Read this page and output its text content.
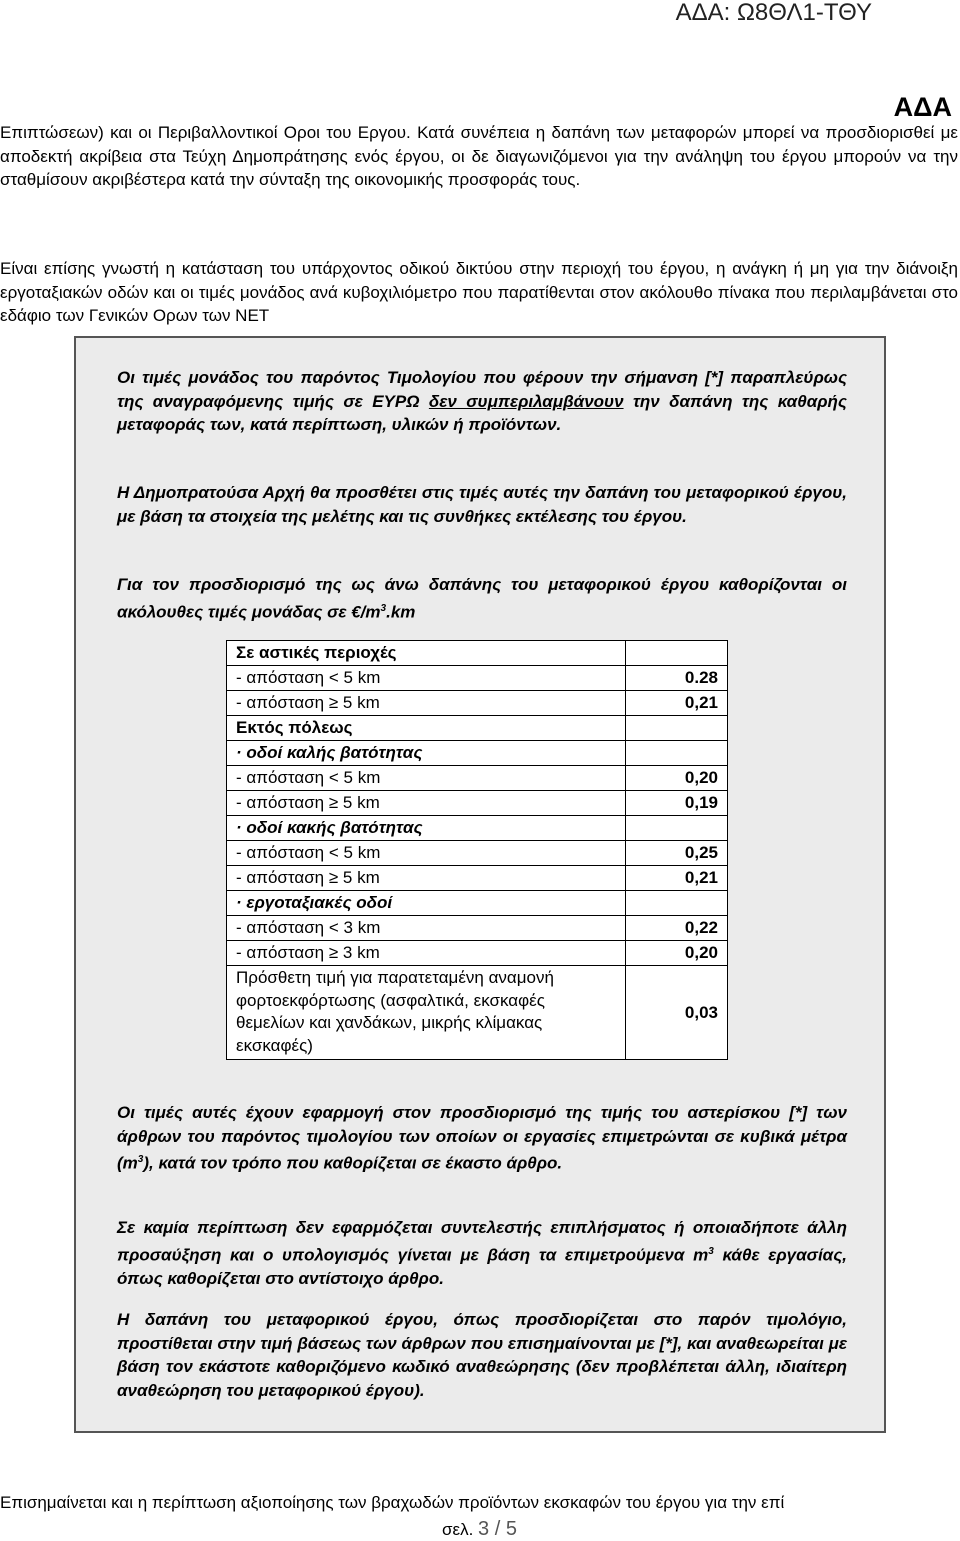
ΑΔΑ: Ω8ΘΛ1-ΤΘΥ
ΑΔΑ

Επιπτώσεων) και οι Περιβαλλοντικοί Οροι του Εργου. Κατά συνέπεια η δαπάνη των μεταφορών μπορεί να προσδιορισθεί με αποδεκτή ακρίβεια στα Τεύχη Δημοπράτησης ενός έργου, οι δε διαγωνιζόμενοι για την ανάληψη του έργου μπορούν να την σταθμίσουν ακριβέστερα κατά την σύνταξη της οικονομικής προσφοράς τους.

Είναι επίσης γνωστή η κατάσταση του υπάρχοντος οδικού δικτύου στην περιοχή του έργου, η ανάγκη ή μη για την διάνοιξη εργοταξιακών οδών και οι τιμές μονάδος ανά κυβοχιλιόμετρο που παρατίθενται στον ακόλουθο πίνακα που περιλαμβάνεται στο εδάφιο των Γενικών Ορων των ΝΕΤ

Οι τιμές μονάδος του παρόντος Τιμολογίου που φέρουν την σήμανση [*] παραπλεύρως της αναγραφόμενης τιμής σε ΕΥΡΩ δεν συμπεριλαμβάνουν την δαπάνη της καθαρής μεταφοράς των, κατά περίπτωση, υλικών ή προϊόντων.

Η Δημοπρατούσα Αρχή θα προσθέτει στις τιμές αυτές την δαπάνη του μεταφορικού έργου, με βάση τα στοιχεία της μελέτης και τις συνθήκες εκτέλεσης του έργου.

Για τον προσδιορισμό της ως άνω δαπάνης του μεταφορικού έργου καθορίζονται οι ακόλουθες τιμές μονάδας σε $€/m^3.km$

Σε αστικές περιοχές	
- απόσταση < 5 km	0.28
- απόσταση ≥ 5 km	0,21
Εκτός πόλεως	
· οδοί καλής βατότητας	
- απόσταση < 5 km	0,20
- απόσταση ≥ 5 km	0,19
· οδοί κακής βατότητας	
- απόσταση < 5 km	0,25
- απόσταση ≥ 5 km	0,21
· εργοταξιακές οδοί	
- απόσταση < 3 km	0,22
- απόσταση ≥ 3 km	0,20
Πρόσθετη τιμή για παρατεταμένη αναμονή φορτοεκφόρτωσης (ασφαλτικά, εκσκαφές θεμελίων και χανδάκων, μικρής κλίμακας εκσκαφές)	0,03

Οι τιμές αυτές έχουν εφαρμογή στον προσδιορισμό της τιμής του αστερίσκου [*] των άρθρων του παρόντος τιμολογίου των οποίων οι εργασίες επιμετρώνται σε κυβικά μέτρα $(m^3)$, κατά τον τρόπο που καθορίζεται σε έκαστο άρθρο.

Σε καμία περίπτωση δεν εφαρμόζεται συντελεστής επιπλήσματος ή οποιαδήποτε άλλη προσαύξηση και ο υπολογισμός γίνεται με βάση τα επιμετρούμενα $m^3$ κάθε εργασίας, όπως καθορίζεται στο αντίστοιχο άρθρο.

Η δαπάνη του μεταφορικού έργου, όπως προσδιορίζεται στο παρόν τιμολόγιο, προστίθεται στην τιμή βάσεως των άρθρων που επισημαίνονται με [*], και αναθεωρείται με βάση τον εκάστοτε καθοριζόμενο κωδικό αναθεώρησης (δεν προβλέπεται άλλη, ιδιαίτερη αναθεώρηση του μεταφορικού έργου).

Επισημαίνεται και η περίπτωση αξιοποίησης των βραχωδών προϊόντων εκσκαφών του έργου για την επί
σελ. 3 / 5
